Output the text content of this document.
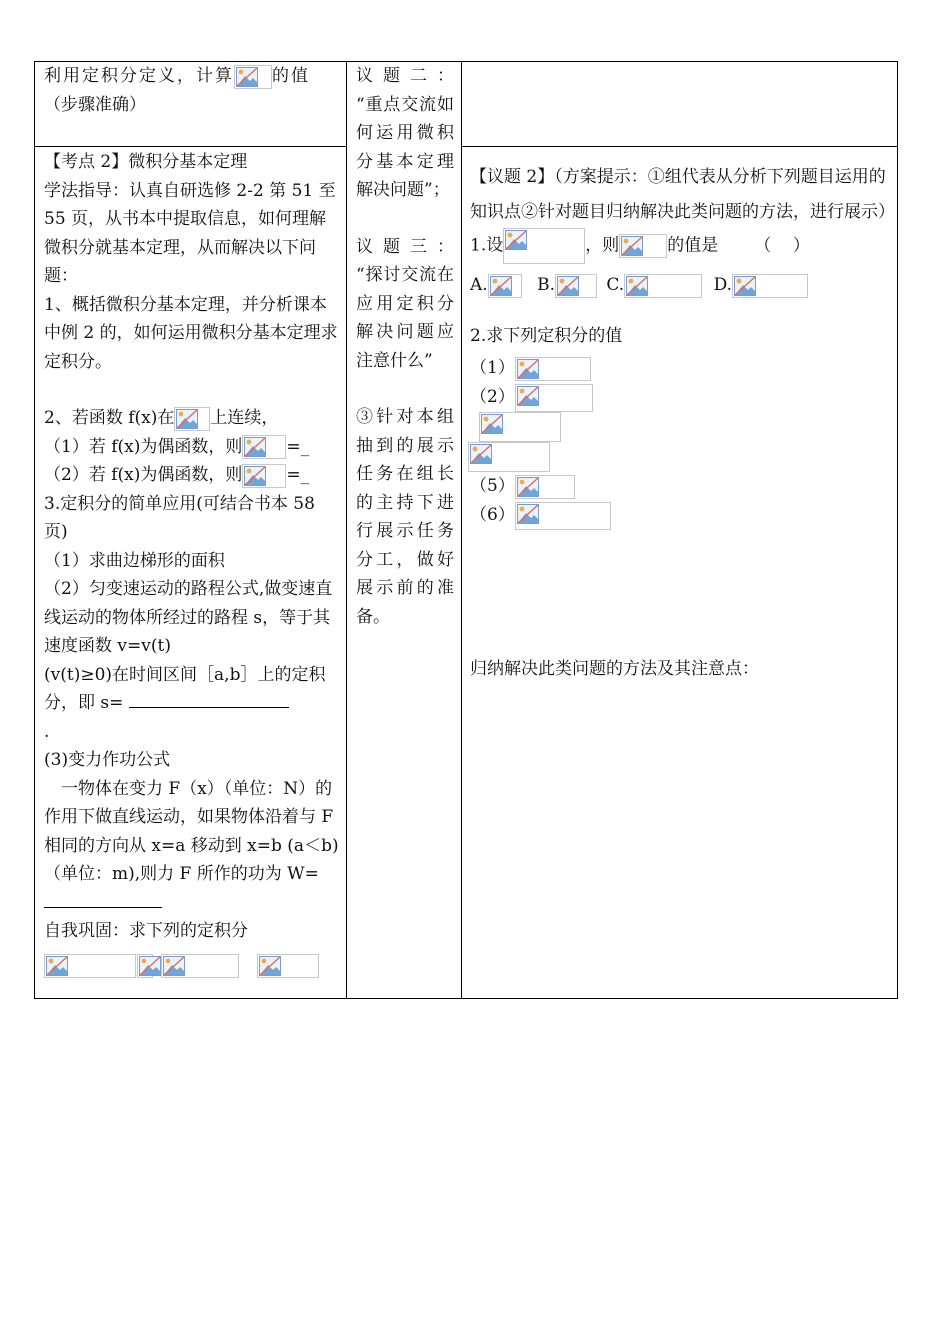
利用定积分定义，计算 的值

（步骤准确）

【考点 2】微积分基本定理

学法指导：认真自研选修 2-2 第 51 至 55 页，从书本中提取信息，如何理解微积分就基本定理，从而解决以下问题：

1、概括微积分基本定理，并分析课本中例 2 的，如何运用微积分基本定理求定积分。

2、若函数 f(x)在 上连续，

（1）若 f(x)为偶函数，则	=_

（2）若 f(x)为偶函数，则	=_

3.定积分的简单应用(可结合书本 58 页)

（1）求曲边梯形的面积

（2）匀变速运动的路程公式,做变速直线运动的物体所经过的路程 s，等于其速度函数 v=v(t)

(v(t)≥0)在时间区间［a,b］上的定积分，即 s=

.

(3)变力作功公式

一物体在变力 F（x）（单位：N）的作用下做直线运动，如果物体沿着与 F 相同的方向从 x=a 移动到 x=b (a＜b)（单位：m),则力 F 所作的功为 W=

自我巩固：求下列的定积分

议题二：

“重点交流如何运用微积分基本定理解决问题”；

议题三：

“探讨交流在应用定积分解决问题应注意什么”

③针对本组抽到的展示任务在组长的主持下进行展示任务分工，做好展示前的准备。

【议题 2】（方案提示：①组代表从分析下列题目运用的知识点②针对题目归纳解决此类问题的方法，进行展示）

1.设	，则	的值是 （    ）

A.	B.	C.	D.

2.求下列定积分的值

（1）
（2）
（5）
（6）

归纳解决此类问题的方法及其注意点：
